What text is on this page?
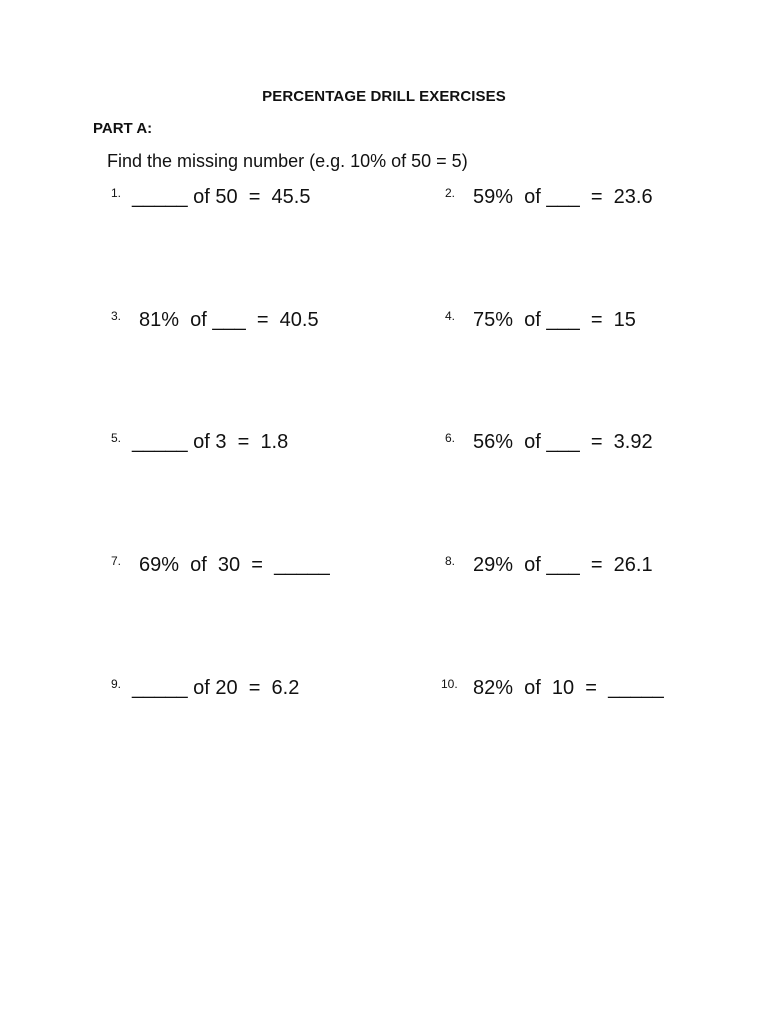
PERCENTAGE DRILL EXERCISES
PART A:
Find the missing number (e.g. 10% of 50 = 5)
1. _____ of 50  =  45.5	2. 59%  of ___  =  23.6
3. 81%  of ___  =  40.5	4. 75%  of ___  =  15
5. _____ of 3  =  1.8	6. 56%  of ___  =  3.92
7. 69%  of  30  =  _____	8. 29%  of ___  =  26.1
9. _____ of 20  =  6.2	10. 82%  of  10  =  _____
